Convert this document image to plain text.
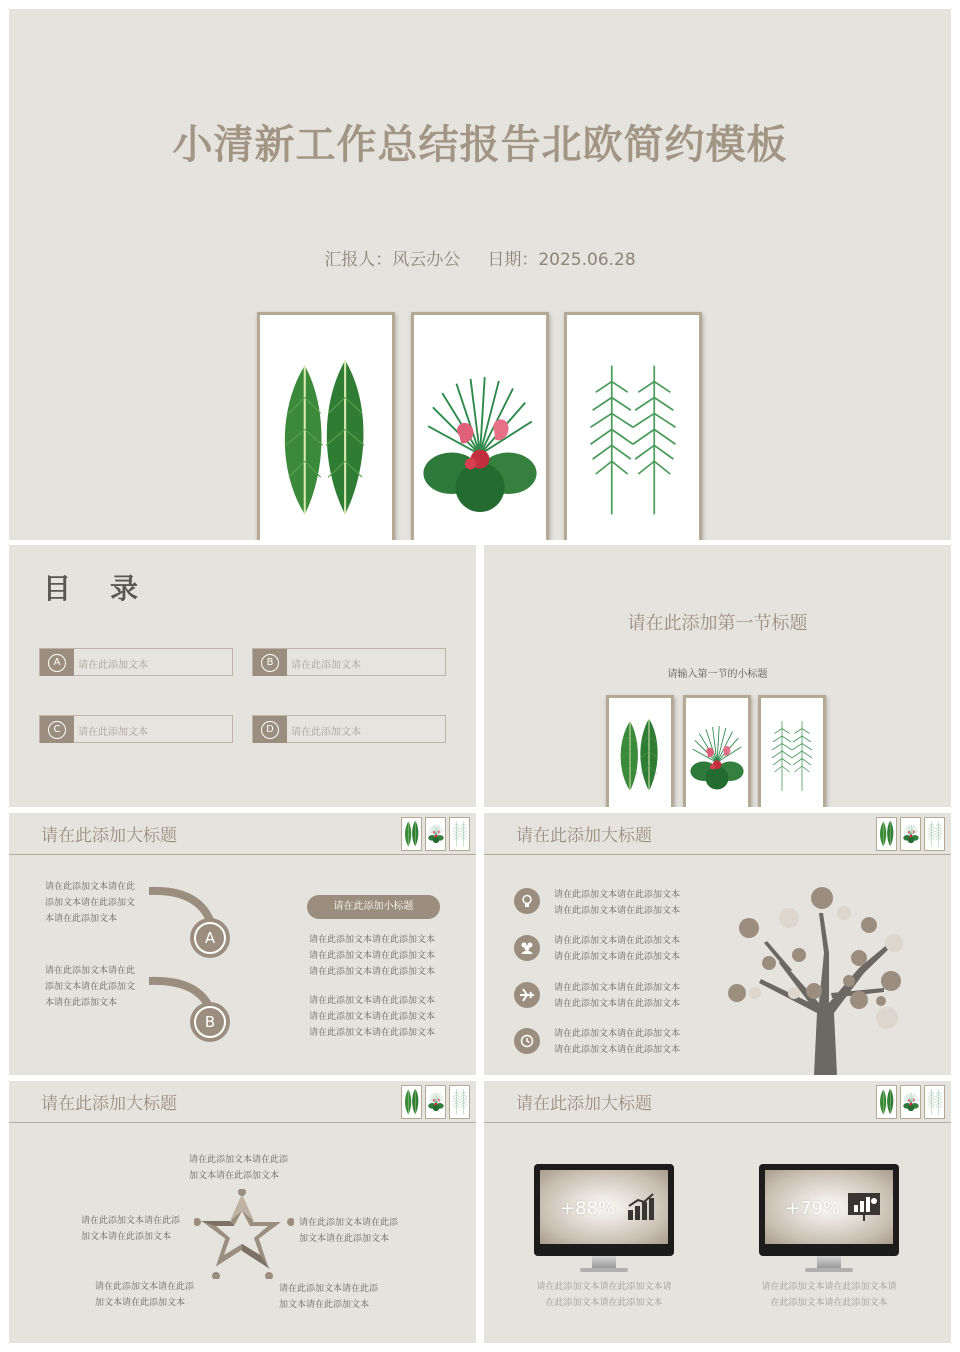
小清新工作总结报告北欧简约模板
汇报人：风云办公     日期：2025.06.28
目    录
A	请在此添加文本	B	请在此添加文本
C	请在此添加文本	D	请在此添加文本
请在此添加第一节标题
请输入第一节的小标题
请在此添加大标题
请在此添加文本请在此添加文本请在此添加文本请在此添加文本
请在此添加文本请在此添加文本请在此添加文本请在此添加文本
A
B
请在此添加小标题
请在此添加文本请在此添加文本请在此添加文本请在此添加文本请在此添加文本请在此添加文本
请在此添加文本请在此添加文本请在此添加文本请在此添加文本请在此添加文本请在此添加文本
请在此添加大标题
请在此添加文本请在此添加文本请在此添加文本请在此添加文本
请在此添加文本请在此添加文本请在此添加文本请在此添加文本
请在此添加文本请在此添加文本请在此添加文本请在此添加文本
请在此添加文本请在此添加文本请在此添加文本请在此添加文本
请在此添加大标题
请在此添加文本请在此添加文本请在此添加文本
请在此添加文本请在此添加文本请在此添加文本
请在此添加文本请在此添加文本请在此添加文本
请在此添加文本请在此添加文本请在此添加文本
请在此添加文本请在此添加文本请在此添加文本
请在此添加大标题
+88%
请在此添加文本请在此添加文本请在此添加文本请在此添加文本
+79%
请在此添加文本请在此添加文本请在此添加文本请在此添加文本
